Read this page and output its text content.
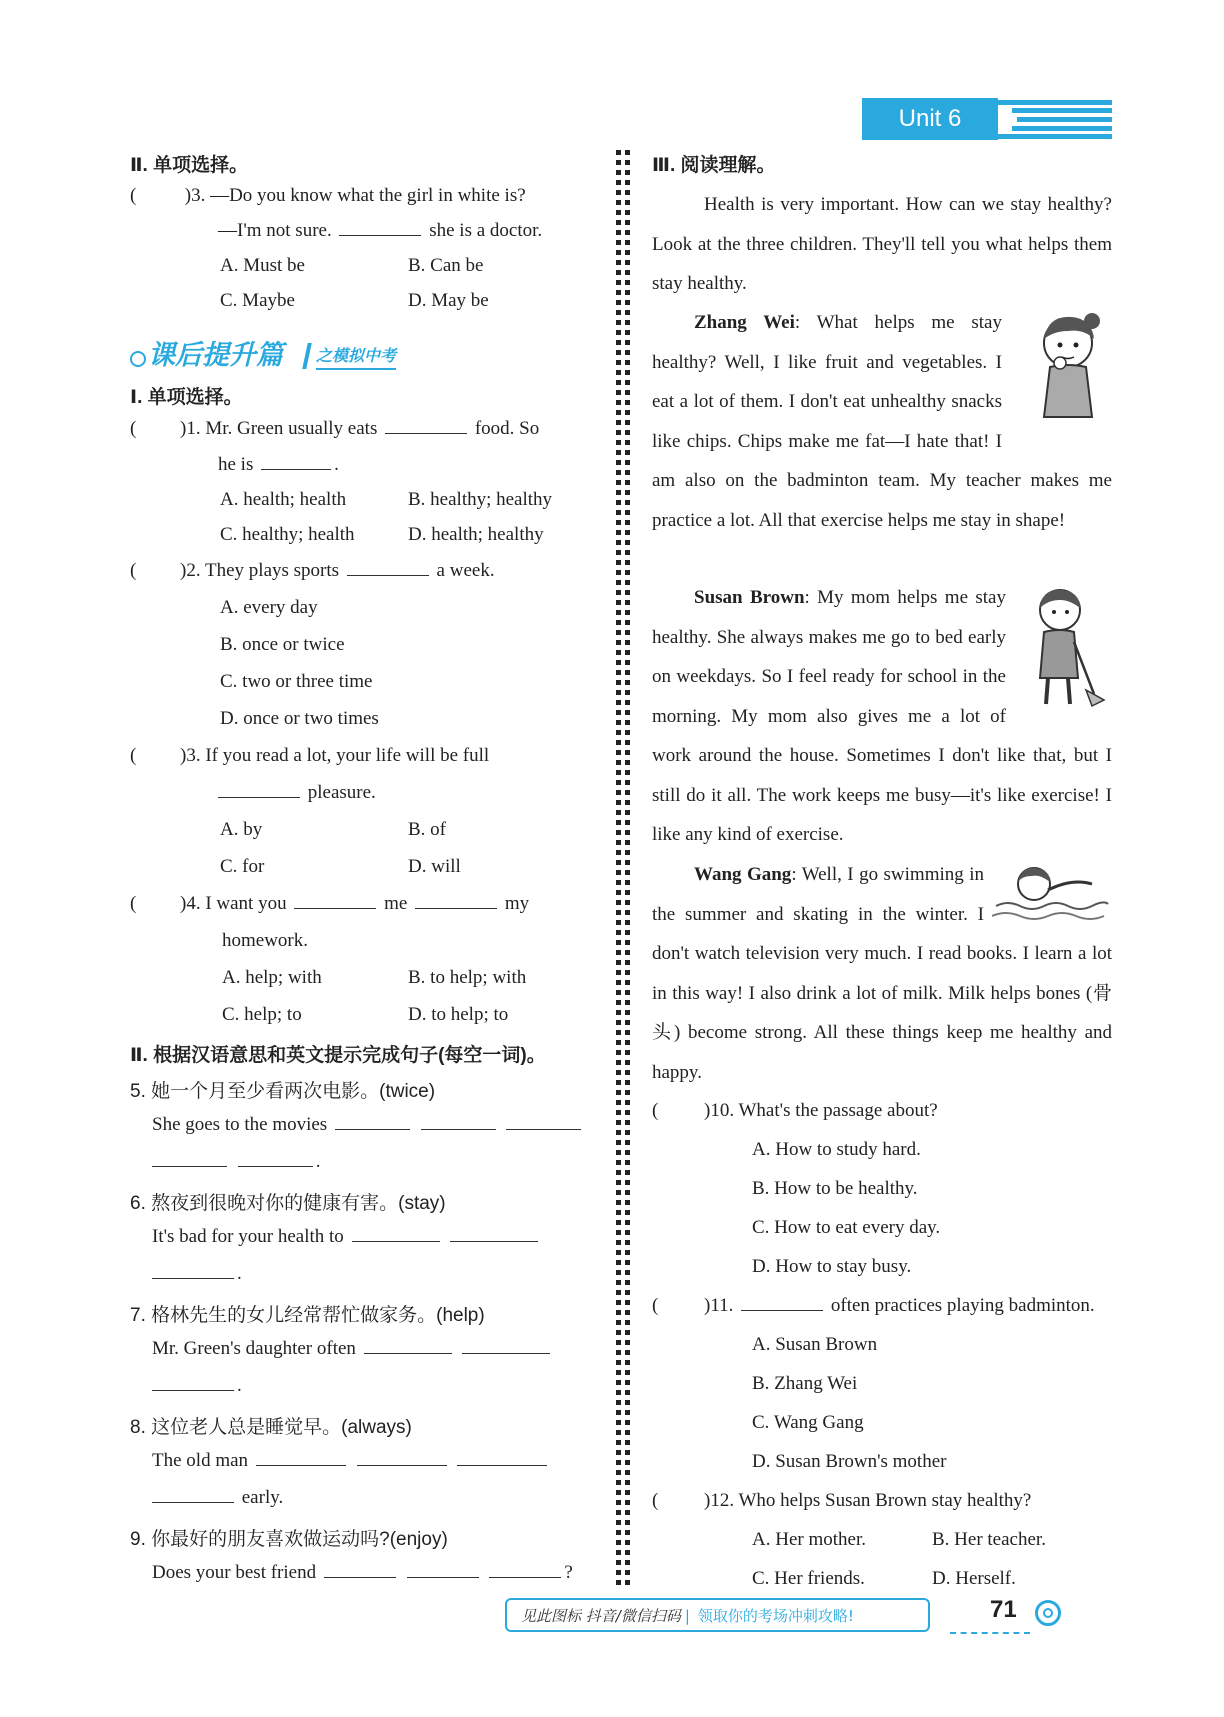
Unit 6
Ⅱ. 单项选择。
(	)3. —Do you know what the girl in white is?
—I'm not sure.	she is a doctor.
A. Must be	B. Can be
C. Maybe	D. May be
课后提升篇 之模拟中考
Ⅰ. 单项选择。
( )1. Mr. Green usually eats	food. So
he is	.
A. health; health	B. healthy; healthy
C. healthy; health	D. health; healthy
( )2. They plays sports	a week.
A. every day
B. once or twice
C. two or three time
D. once or two times
( )3. If you read a lot, your life will be full
pleasure.
A. by	B. of
C. for	D. will
( )4. I want you	me	my
homework.
A. help; with	B. to help; with
C. help; to	D. to help; to
Ⅱ. 根据汉语意思和英文提示完成句子(每空一词)。
5. 她一个月至少看两次电影。(twice)
She goes to the movies
.
6. 熬夜到很晚对你的健康有害。(stay)
It's bad for your health to
.
7. 格林先生的女儿经常帮忙做家务。(help)
Mr. Green's daughter often
.
8. 这位老人总是睡觉早。(always)
The old man
early.
9. 你最好的朋友喜欢做运动吗?(enjoy)
Does your best friend	?
Ⅲ. 阅读理解。
Health is very important. How can we stay healthy? Look at the three children. They'll tell you what helps them stay healthy.
Zhang Wei: What helps me stay healthy? Well, I like fruit and vegetables. I eat a lot of them. I don't eat unhealthy snacks like chips. Chips make me fat—I hate that! I am also on the badminton team. My teacher makes me practice a lot. All that exercise helps me stay in shape!
Susan Brown: My mom helps me stay healthy. She always makes me go to bed early on weekdays. So I feel ready for school in the morning. My mom also gives me a lot of work around the house. Sometimes I don't like that, but I still do it all. The work keeps me busy—it's like exercise! I like any kind of exercise.
Wang Gang: Well, I go swimming in the summer and skating in the winter. I don't watch television very much. I read books. I learn a lot in this way! I also drink a lot of milk. Milk helps bones (骨头) become strong. All these things keep me healthy and happy.
( )10. What's the passage about?
A. How to study hard.
B. How to be healthy.
C. How to eat every day.
D. How to stay busy.
( )11.	often practices playing badminton.
A. Susan Brown
B. Zhang Wei
C. Wang Gang
D. Susan Brown's mother
( )12. Who helps Susan Brown stay healthy?
A. Her mother.	B. Her teacher.
C. Her friends.	D. Herself.
见此图标 抖音/微信扫码 | 领取你的考场冲刺攻略!	71
